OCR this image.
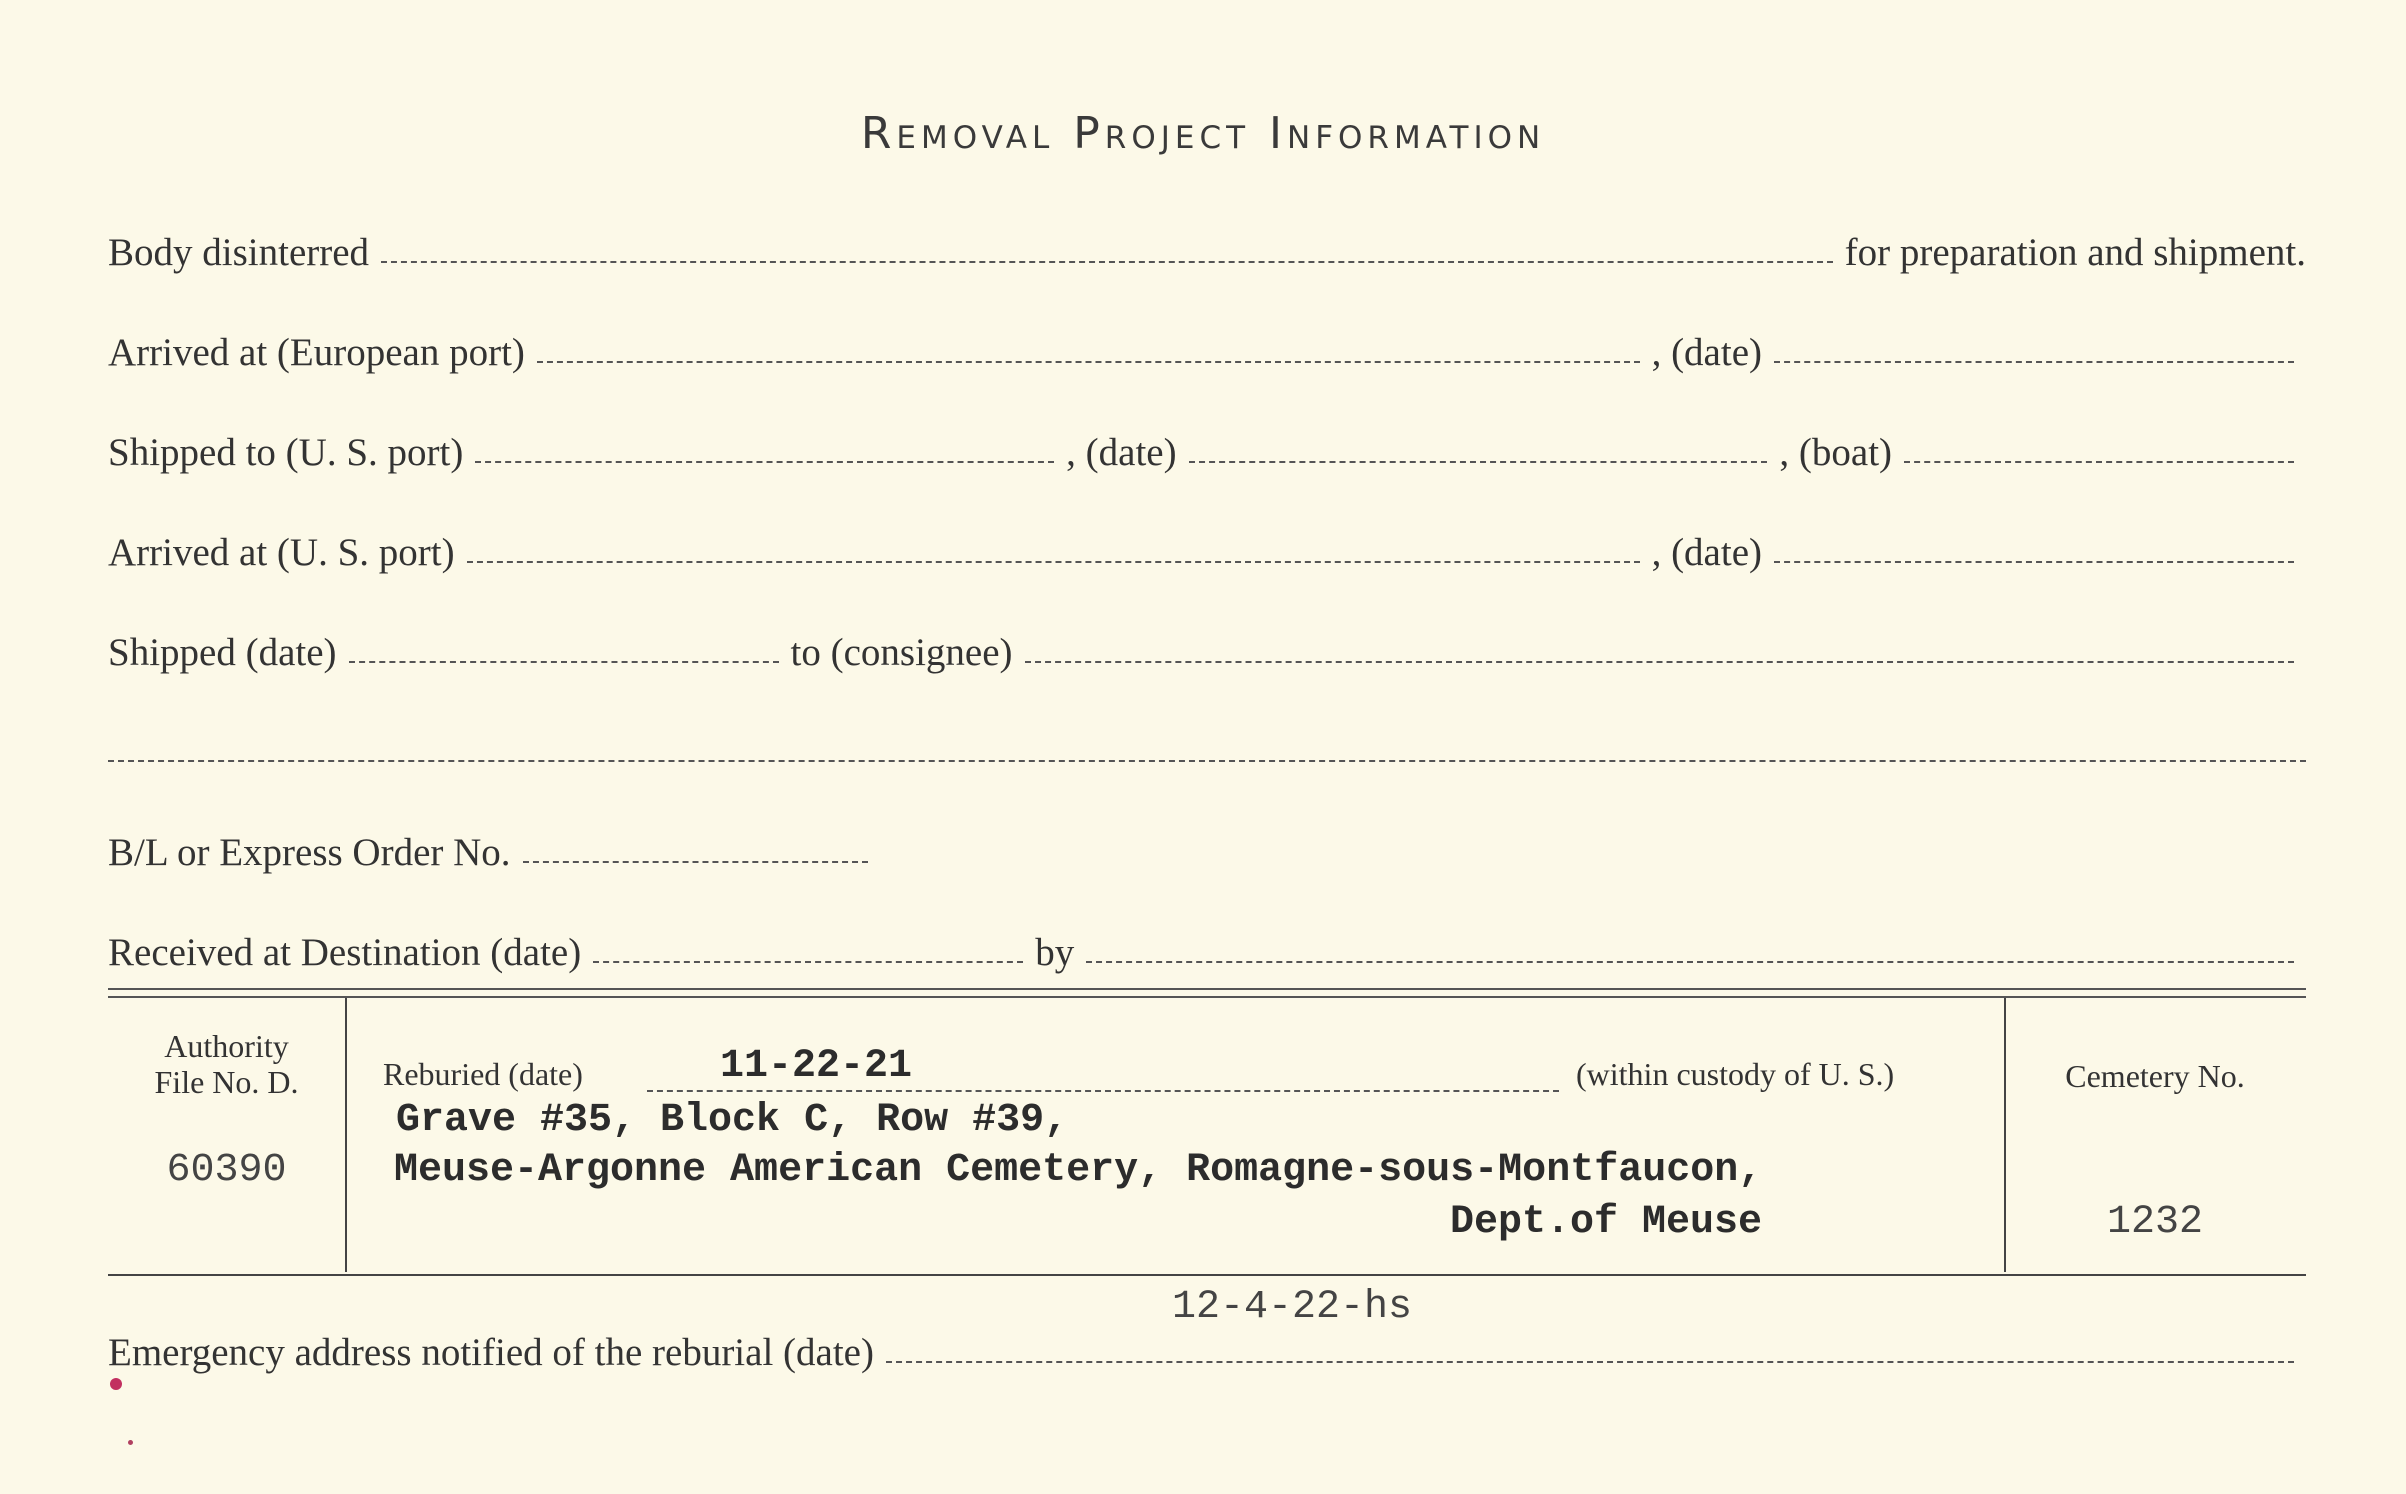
Removal Project Information
Body disinterred	for preparation and shipment.
Arrived at (European port)	, (date)
Shipped to (U. S. port)	, (date)	, (boat)
Arrived at (U. S. port)	, (date)
Shipped (date)	to (consignee)
B/L or Express Order No.
Received at Destination (date)	by
Authority
File No. D.
60390
Reburied (date)	11-22-21	(within custody of U. S.)
Grave #35, Block C, Row #39,
Meuse-Argonne American Cemetery, Romagne-sous-Montfaucon,
Dept.of Meuse
Cemetery No.
1232
12-4-22-hs
Emergency address notified of the reburial (date)
